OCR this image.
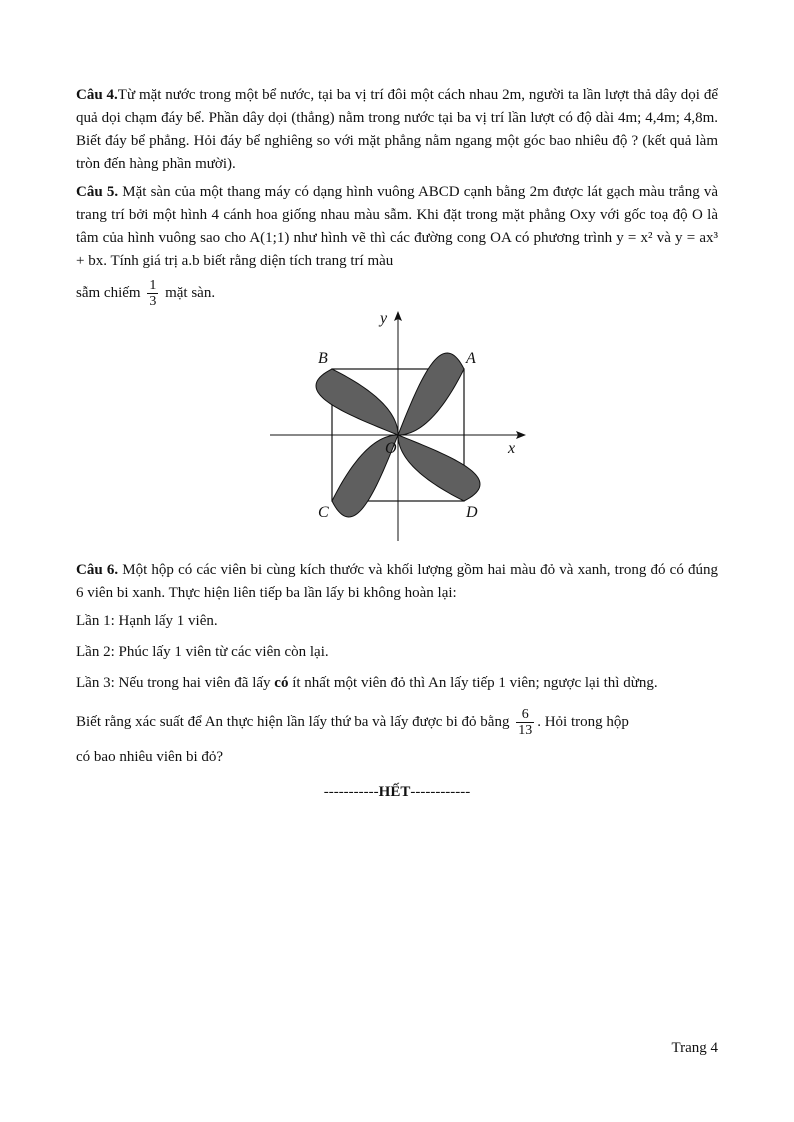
Câu 4.Từ mặt nước trong một bể nước, tại ba vị trí đôi một cách nhau 2m, người ta lần lượt thả dây dọi để quả dọi chạm đáy bể. Phần dây dọi (thẳng) nằm trong nước tại ba vị trí lần lượt có độ dài 4m; 4,4m; 4,8m. Biết đáy bể phẳng. Hỏi đáy bể nghiêng so với mặt phẳng nằm ngang một góc bao nhiêu độ ? (kết quả làm tròn đến hàng phần mười).

Câu 5. Mặt sàn của một thang máy có dạng hình vuông ABCD cạnh bằng 2m được lát gạch màu trắng và trang trí bởi một hình 4 cánh hoa giống nhau màu sẫm. Khi đặt trong mặt phẳng Oxy với gốc toạ độ O là tâm của hình vuông sao cho A(1;1) như hình vẽ thì các đường cong OA có phương trình y = x² và y = ax³ + bx. Tính giá trị a.b biết rằng diện tích trang trí màu

sẫm chiếm $\frac{1}{3}$ mặt sàn.

y
x
A
B
C	D
O

Câu 6. Một hộp có các viên bi cùng kích thước và khối lượng gồm hai màu đỏ và xanh, trong đó có đúng 6 viên bi xanh. Thực hiện liên tiếp ba lần lấy bi không hoàn lại:

Lần 1: Hạnh lấy 1 viên.

Lần 2: Phúc lấy 1 viên từ các viên còn lại.

Lần 3: Nếu trong hai viên đã lấy có ít nhất một viên đỏ thì An lấy tiếp 1 viên; ngược lại thì dừng.

Biết rằng xác suất để An thực hiện lần lấy thứ ba và lấy được bi đỏ bằng $\frac{6}{13}$ . Hỏi trong hộp

có bao nhiêu viên bi đỏ?

-----------HẾT------------

Trang 4
